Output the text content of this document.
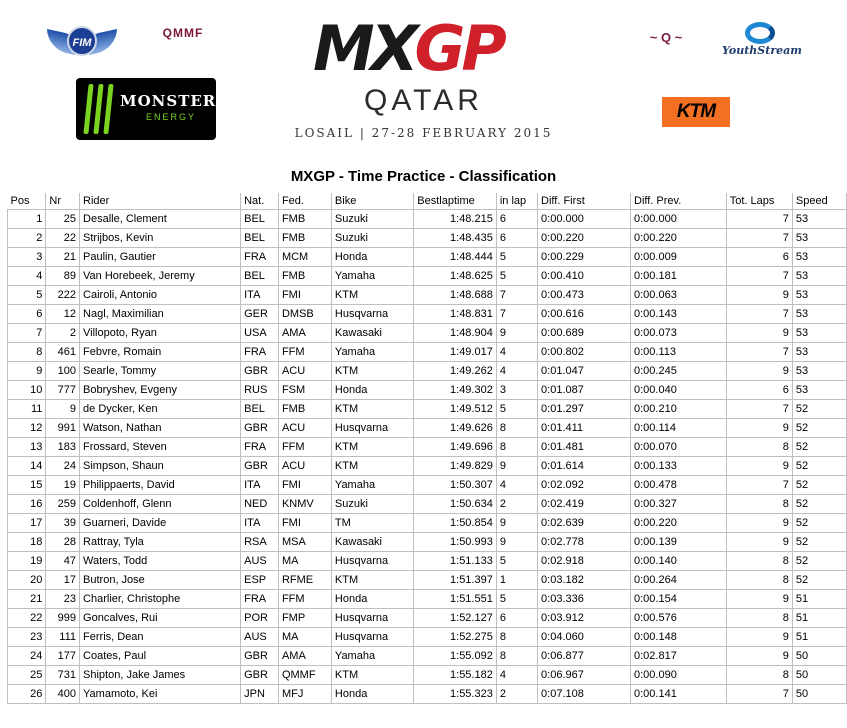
FIM
QMMF

MONSTER
ENERGY
MXGP
QATAR
LOSAIL | 27-28 FEBRUARY 2015
~ Q ~

YouthStream
KTM
MXGP - Time Practice - Classification
Pos	Nr	Rider	Nat.	Fed.	Bike	Bestlaptime	in lap	Diff. First	Diff. Prev.	Tot. Laps	Speed
1	25	Desalle, Clement	BEL	FMB	Suzuki	1:48.215	6	0:00.000	0:00.000	7	53
2	22	Strijbos, Kevin	BEL	FMB	Suzuki	1:48.435	6	0:00.220	0:00.220	7	53
3	21	Paulin, Gautier	FRA	MCM	Honda	1:48.444	5	0:00.229	0:00.009	6	53
4	89	Van Horebeek, Jeremy	BEL	FMB	Yamaha	1:48.625	5	0:00.410	0:00.181	7	53
5	222	Cairoli, Antonio	ITA	FMI	KTM	1:48.688	7	0:00.473	0:00.063	9	53
6	12	Nagl, Maximilian	GER	DMSB	Husqvarna	1:48.831	7	0:00.616	0:00.143	7	53
7	2	Villopoto, Ryan	USA	AMA	Kawasaki	1:48.904	9	0:00.689	0:00.073	9	53
8	461	Febvre, Romain	FRA	FFM	Yamaha	1:49.017	4	0:00.802	0:00.113	7	53
9	100	Searle, Tommy	GBR	ACU	KTM	1:49.262	4	0:01.047	0:00.245	9	53
10	777	Bobryshev, Evgeny	RUS	FSM	Honda	1:49.302	3	0:01.087	0:00.040	6	53
11	9	de Dycker, Ken	BEL	FMB	KTM	1:49.512	5	0:01.297	0:00.210	7	52
12	991	Watson, Nathan	GBR	ACU	Husqvarna	1:49.626	8	0:01.411	0:00.114	9	52
13	183	Frossard, Steven	FRA	FFM	KTM	1:49.696	8	0:01.481	0:00.070	8	52
14	24	Simpson, Shaun	GBR	ACU	KTM	1:49.829	9	0:01.614	0:00.133	9	52
15	19	Philippaerts, David	ITA	FMI	Yamaha	1:50.307	4	0:02.092	0:00.478	7	52
16	259	Coldenhoff, Glenn	NED	KNMV	Suzuki	1:50.634	2	0:02.419	0:00.327	8	52
17	39	Guarneri, Davide	ITA	FMI	TM	1:50.854	9	0:02.639	0:00.220	9	52
18	28	Rattray, Tyla	RSA	MSA	Kawasaki	1:50.993	9	0:02.778	0:00.139	9	52
19	47	Waters, Todd	AUS	MA	Husqvarna	1:51.133	5	0:02.918	0:00.140	8	52
20	17	Butron, Jose	ESP	RFME	KTM	1:51.397	1	0:03.182	0:00.264	8	52
21	23	Charlier, Christophe	FRA	FFM	Honda	1:51.551	5	0:03.336	0:00.154	9	51
22	999	Goncalves, Rui	POR	FMP	Husqvarna	1:52.127	6	0:03.912	0:00.576	8	51
23	111	Ferris, Dean	AUS	MA	Husqvarna	1:52.275	8	0:04.060	0:00.148	9	51
24	177	Coates, Paul	GBR	AMA	Yamaha	1:55.092	8	0:06.877	0:02.817	9	50
25	731	Shipton, Jake James	GBR	QMMF	KTM	1:55.182	4	0:06.967	0:00.090	8	50
26	400	Yamamoto, Kei	JPN	MFJ	Honda	1:55.323	2	0:07.108	0:00.141	7	50
